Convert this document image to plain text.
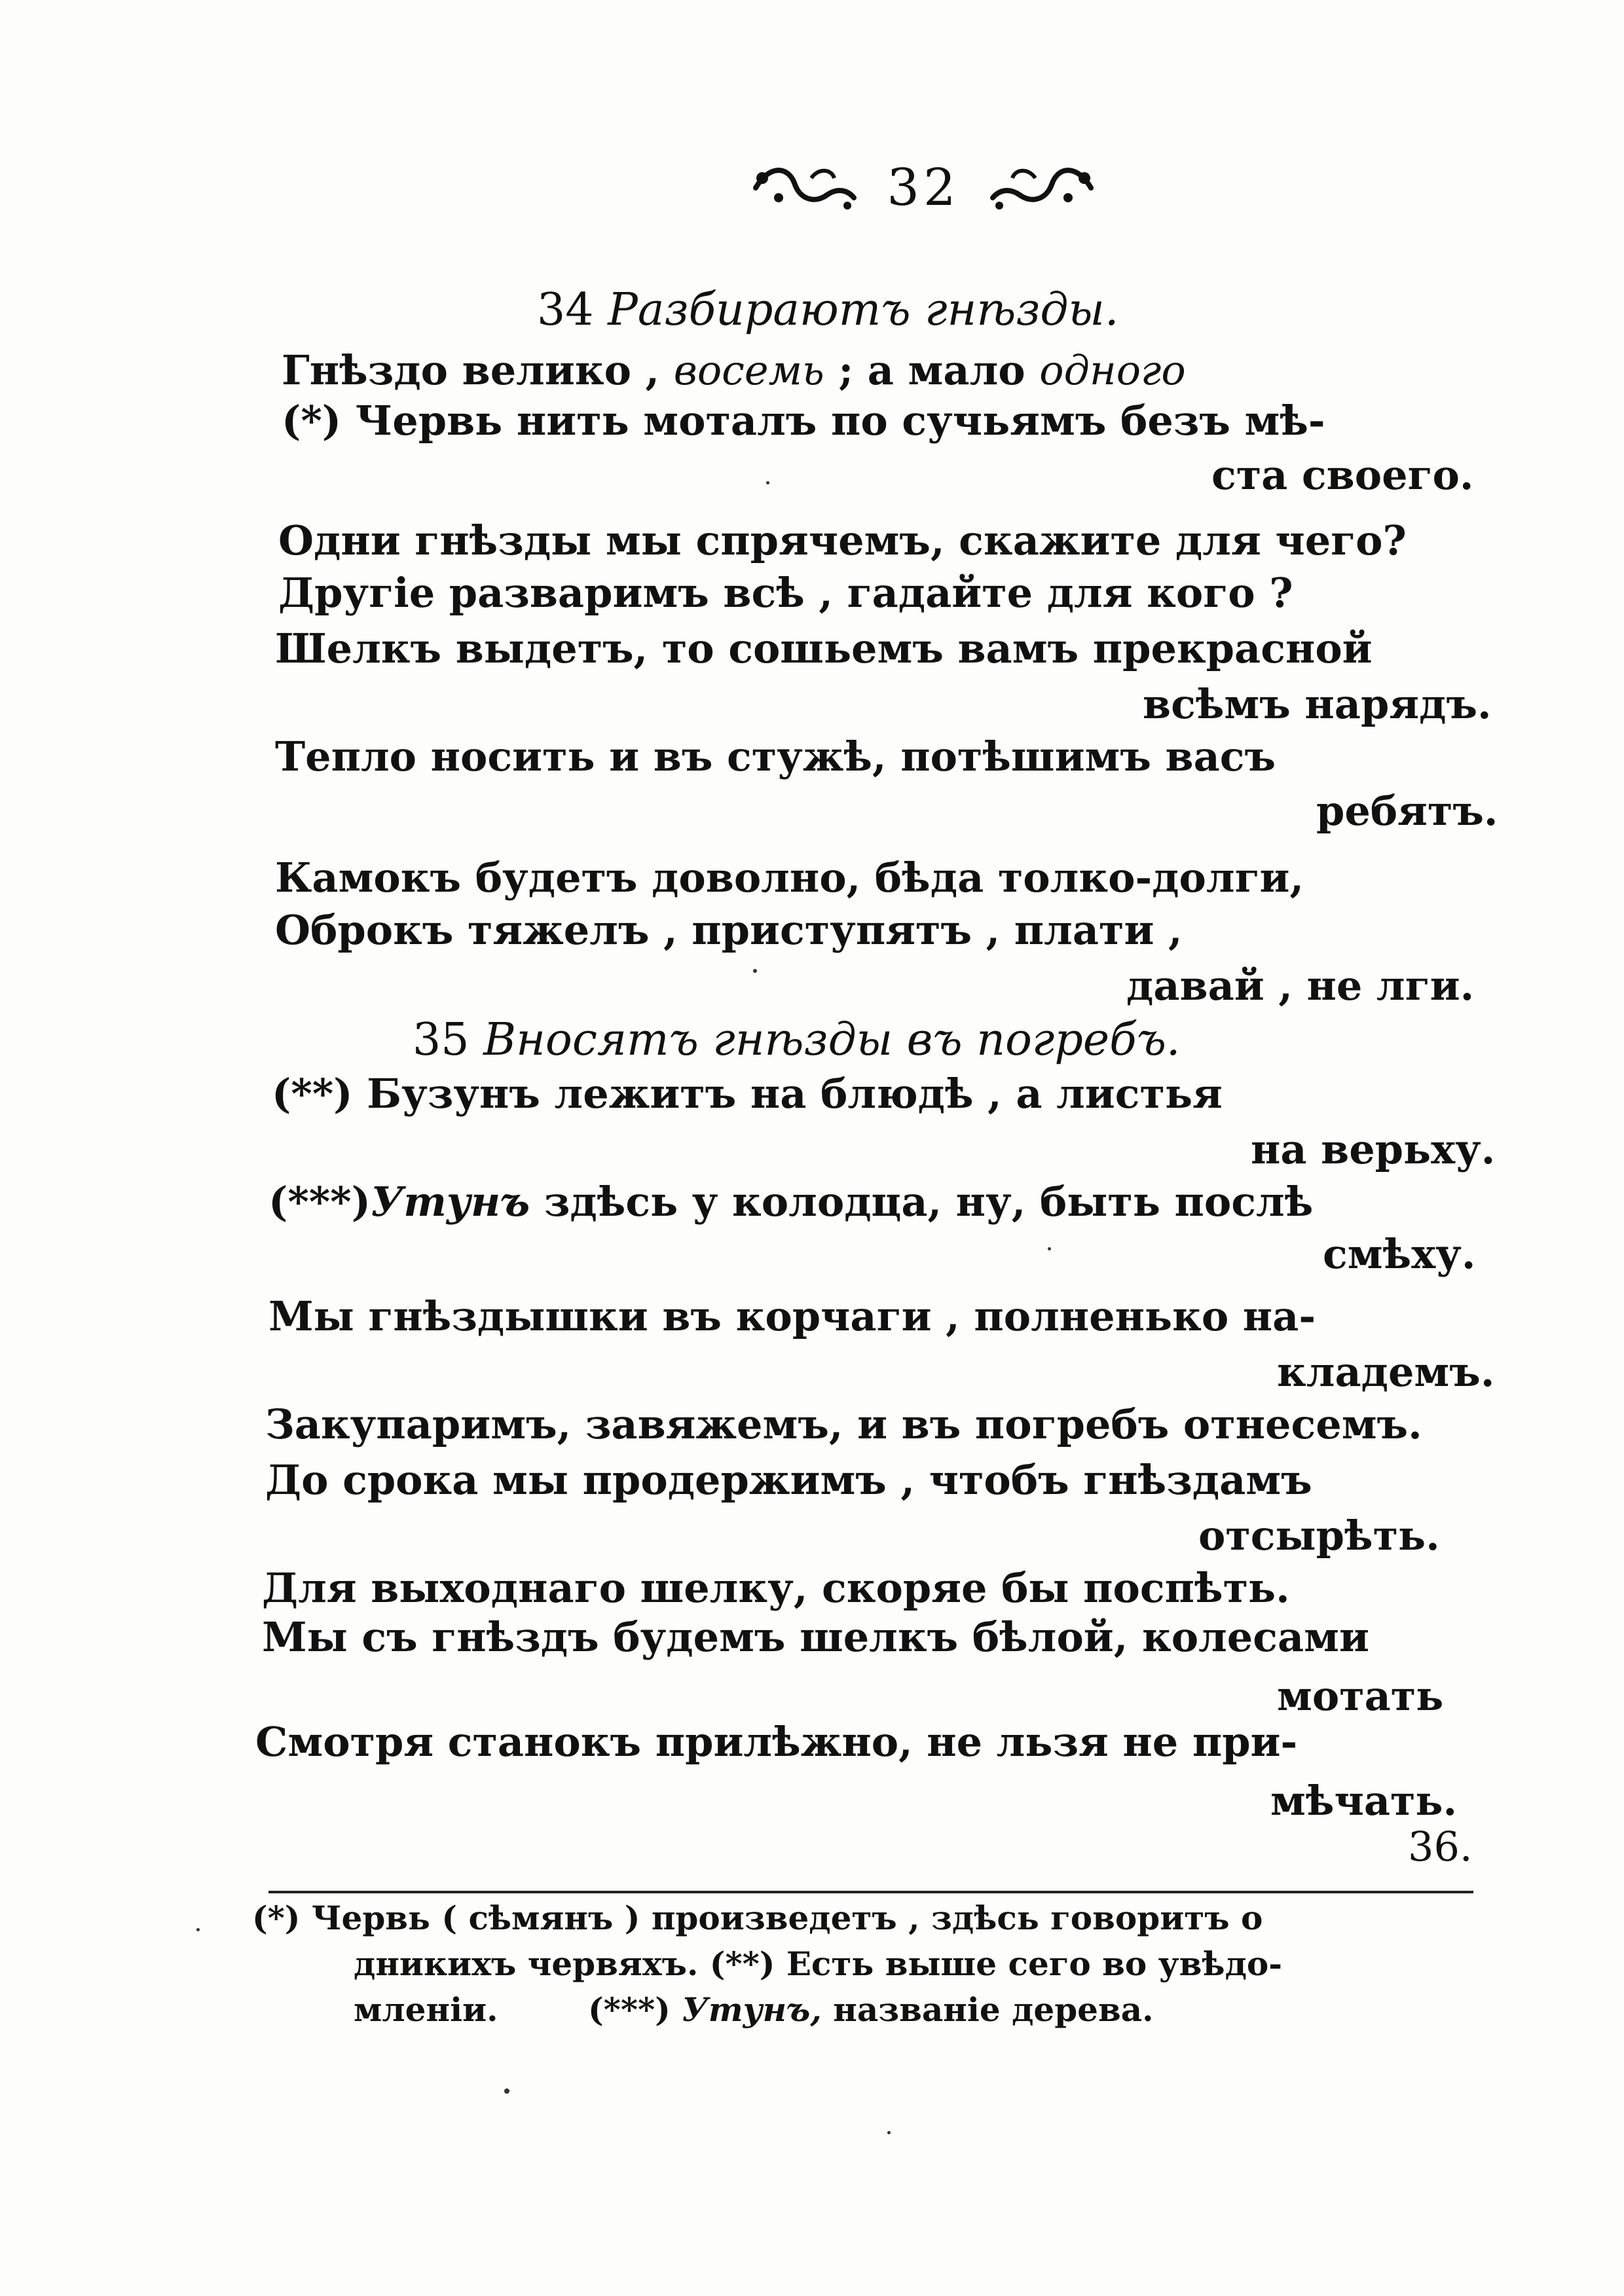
32
34 Разбираютъ гнѣзды.
Гнѣздо велико , восемь ; а мало одного
(*) Червь нить моталъ по сучьямъ безъ мѣ-
ста своего.
Одни гнѣзды мы спрячемъ, скажите для чего?
Другіе разваримъ всѣ , гадайте для кого ?
Шелкъ выдетъ, то сошьемъ вамъ прекрасной
всѣмъ нарядъ.
Тепло носить и въ стужѣ, потѣшимъ васъ
ребятъ.
Камокъ будетъ доволно, бѣда толко-долги,
Оброкъ тяжелъ , приступятъ , плати ,
давай , не лги.
35 Вносятъ гнѣзды въ погребъ.
(**) Бузунъ лежитъ на блюдѣ , а листья
на верьху.
(***)Утунъ здѣсь у колодца, ну, быть послѣ
смѣху.
Мы гнѣздышки въ корчаги , полненько на-
кладемъ.
Закупаримъ, завяжемъ, и въ погребъ отнесемъ.
До срока мы продержимъ , чтобъ гнѣздамъ
отсырѣть.
Для выходнаго шелку, скоряе бы поспѣть.
Мы съ гнѣздъ будемъ шелкъ бѣлой, колесами
мотать
Смотря станокъ прилѣжно, не льзя не при-
мѣчать.
36.
(*) Червь ( сѣмянъ ) произведетъ , здѣсь говоритъ о
дникихъ червяхъ. (**) Есть выше сего во увѣдо-
мленіи.	(***) Утунъ, названіе дерева.
